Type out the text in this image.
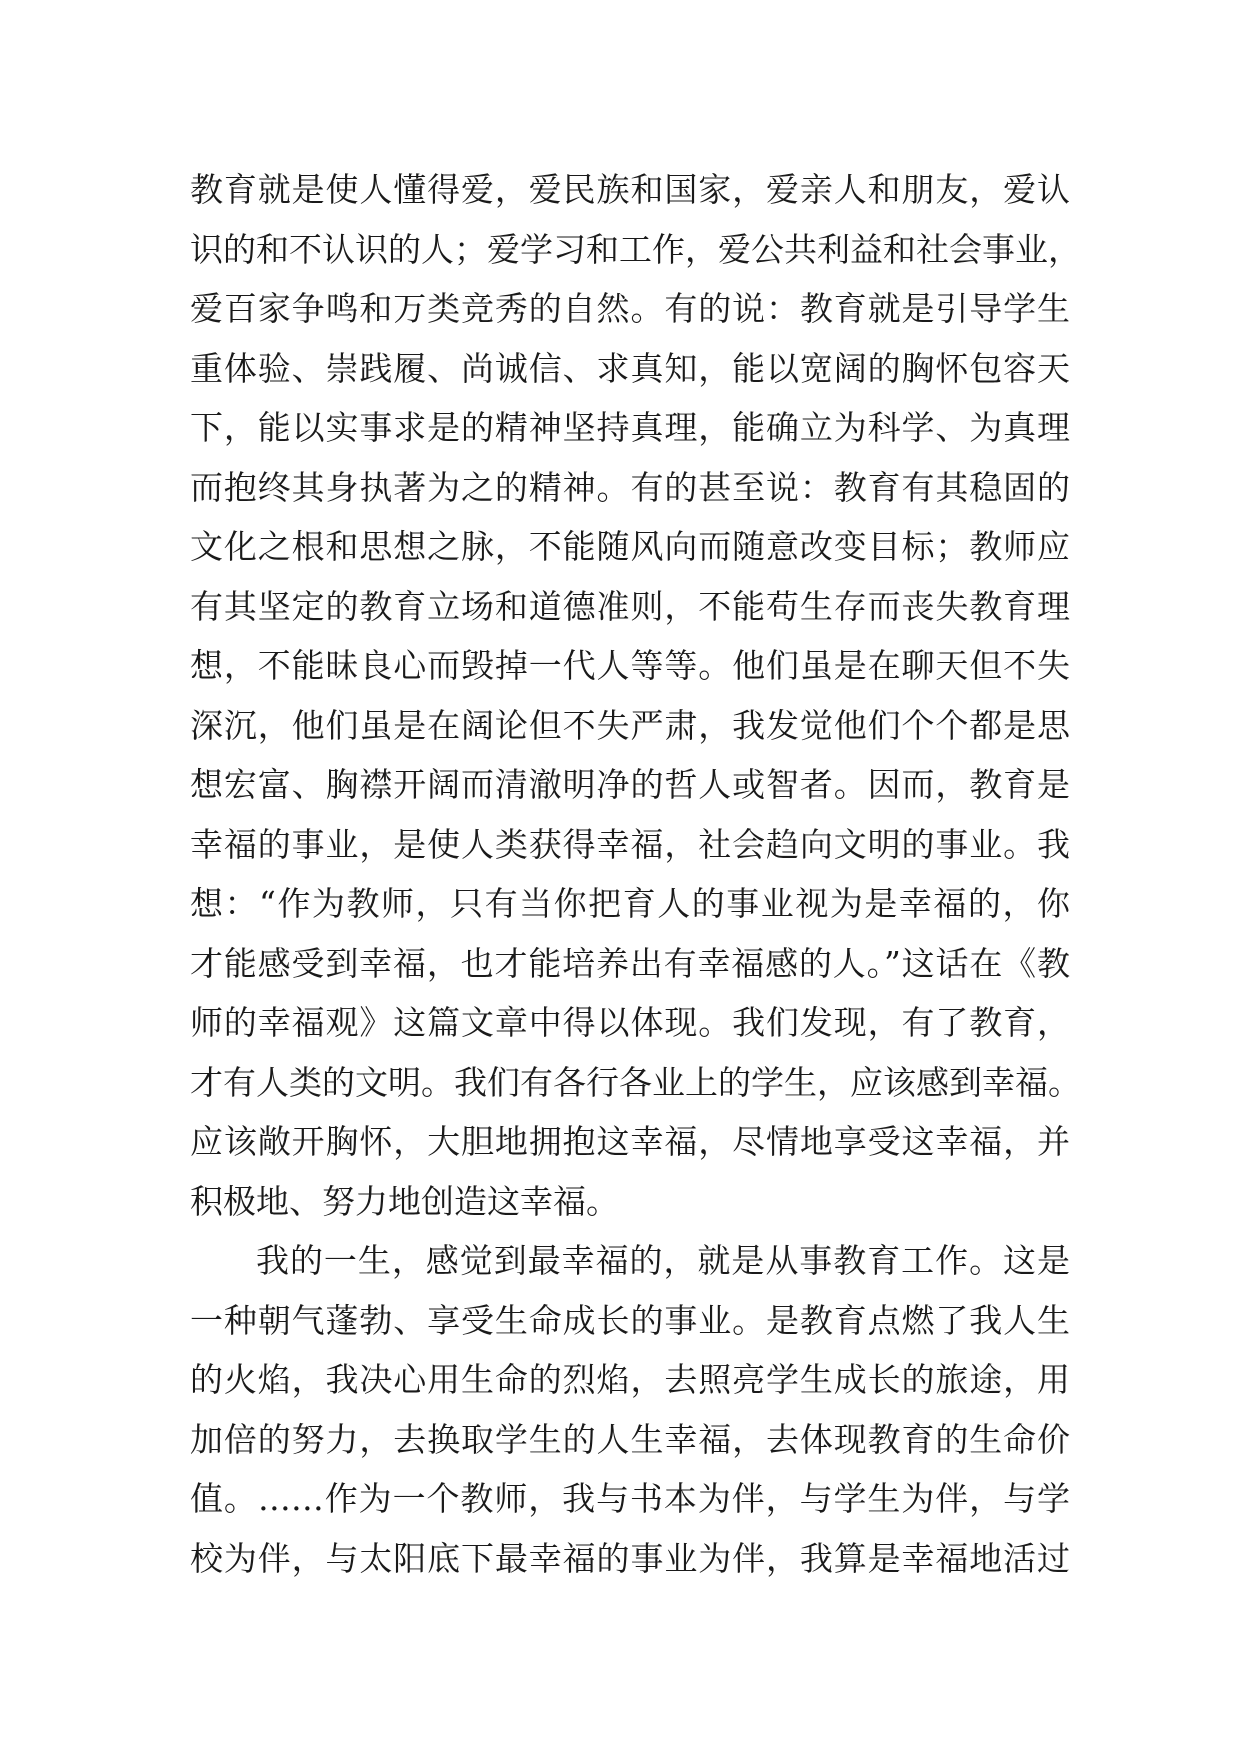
教育就是使人懂得爱，爱民族和国家，爱亲人和朋友，爱认
识的和不认识的人；爱学习和工作，爱公共利益和社会事业，
爱百家争鸣和万类竞秀的自然。有的说：教育就是引导学生
重体验、崇践履、尚诚信、求真知，能以宽阔的胸怀包容天
下，能以实事求是的精神坚持真理，能确立为科学、为真理
而抱终其身执著为之的精神。有的甚至说：教育有其稳固的
文化之根和思想之脉，不能随风向而随意改变目标；教师应
有其坚定的教育立场和道德准则，不能苟生存而丧失教育理
想，不能昧良心而毁掉一代人等等。他们虽是在聊天但不失
深沉，他们虽是在阔论但不失严肃，我发觉他们个个都是思
想宏富、胸襟开阔而清澈明净的哲人或智者。因而，教育是
幸福的事业，是使人类获得幸福，社会趋向文明的事业。我
想：“作为教师，只有当你把育人的事业视为是幸福的，你
才能感受到幸福，也才能培养出有幸福感的人。”这话在《教
师的幸福观》这篇文章中得以体现。我们发现，有了教育，
才有人类的文明。我们有各行各业上的学生，应该感到幸福。
应该敞开胸怀，大胆地拥抱这幸福，尽情地享受这幸福，并
积极地、努力地创造这幸福。
我的一生，感觉到最幸福的，就是从事教育工作。这是
一种朝气蓬勃、享受生命成长的事业。是教育点燃了我人生
的火焰，我决心用生命的烈焰，去照亮学生成长的旅途，用
加倍的努力，去换取学生的人生幸福，去体现教育的生命价
值。……作为一个教师，我与书本为伴，与学生为伴，与学
校为伴，与太阳底下最幸福的事业为伴，我算是幸福地活过
